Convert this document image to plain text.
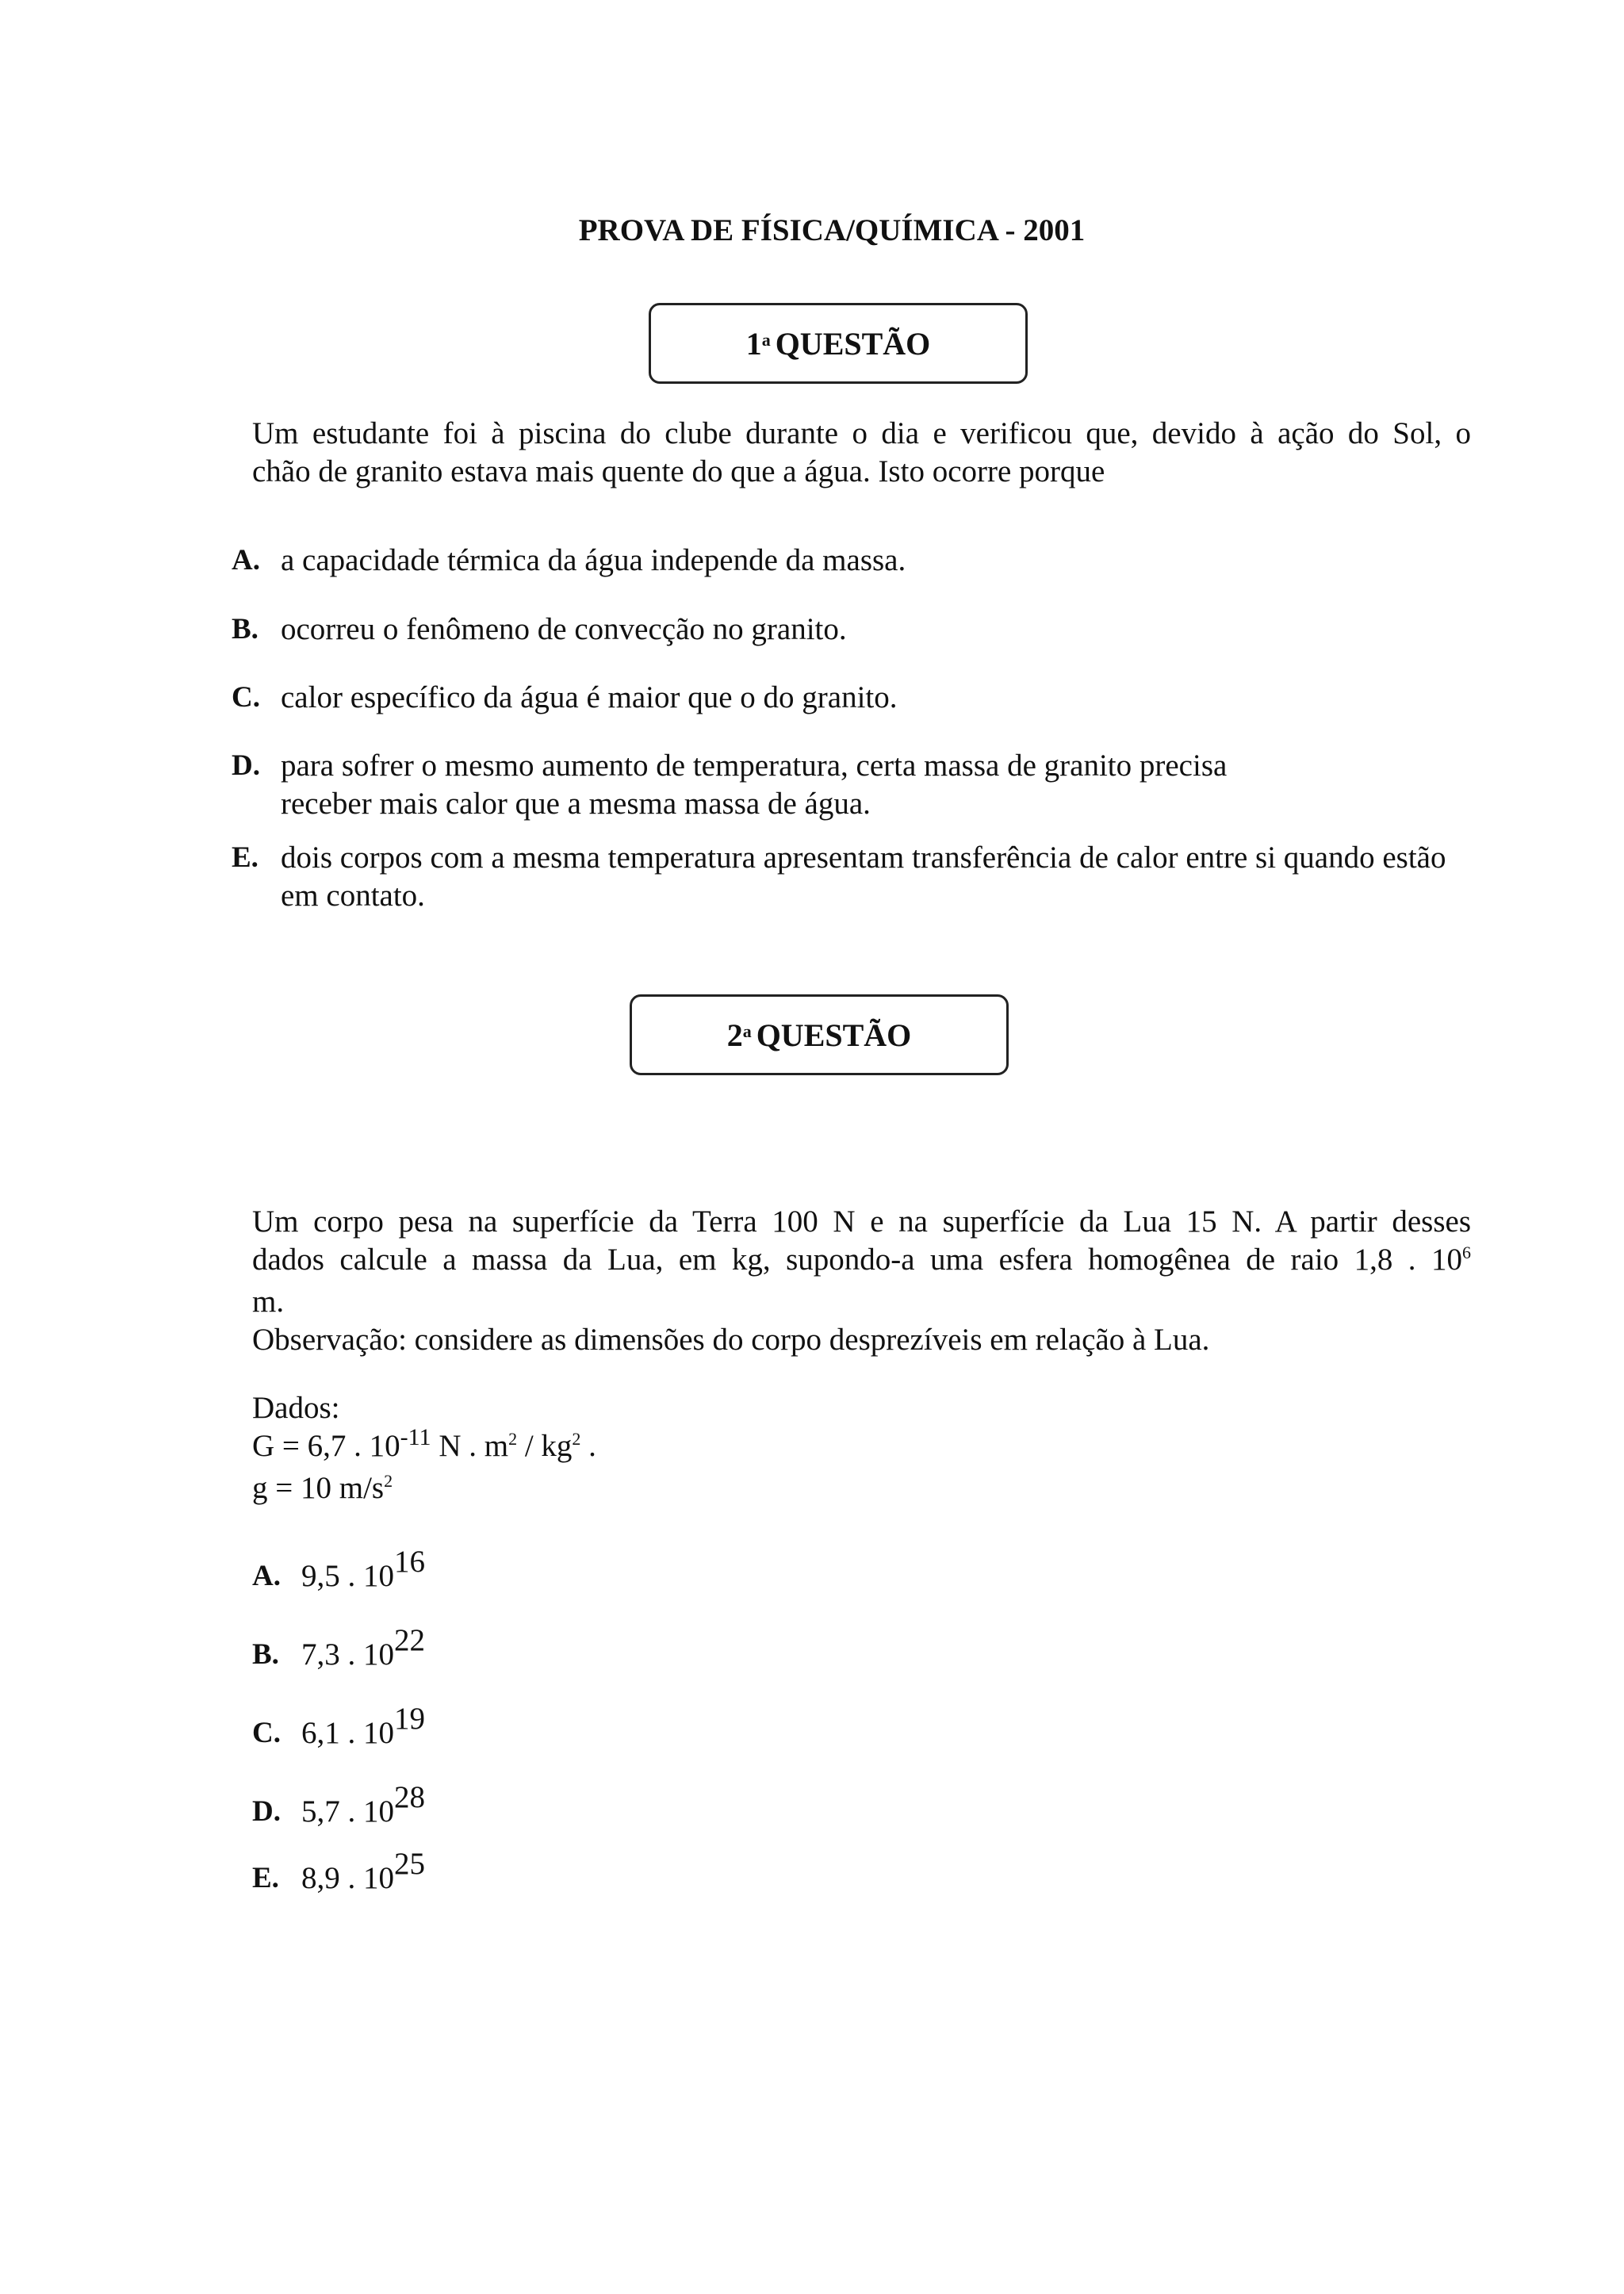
PROVA DE FÍSICA/QUÍMICA - 2001
1$^a$ QUESTÃO
Um estudante foi à piscina do clube durante o dia e verificou que, devido à ação do Sol, o
chão de granito estava mais quente do que a água. Isto ocorre porque
A. a capacidade térmica da água independe da massa.
B. ocorreu o fenômeno de convecção no granito.
C. calor específico da água é maior que o do granito.
D. para sofrer o mesmo aumento de temperatura, certa massa de granito precisa
receber mais calor que a mesma massa de água.
E. dois corpos com a mesma temperatura apresentam transferência de calor entre si quando estão
em contato.
2$^a$ QUESTÃO
Um corpo pesa na superfície da Terra 100 N e na superfície da Lua 15 N. A partir desses
dados calcule a massa da Lua, em kg, supondo-a uma esfera homogênea de raio 1,8 . $10^6$
m.
Observação: considere as dimensões do corpo desprezíveis em relação à Lua.
Dados:
G = 6,7 . $10^{-11}$ N . $m^2 / kg^2$ .
g = 10 $m/s^2$
A. 9,5 . 1016
B. 7,3 . 1022
C. 6,1 . 1019
D. 5,7 . 1028
E. 8,9 . 1025
